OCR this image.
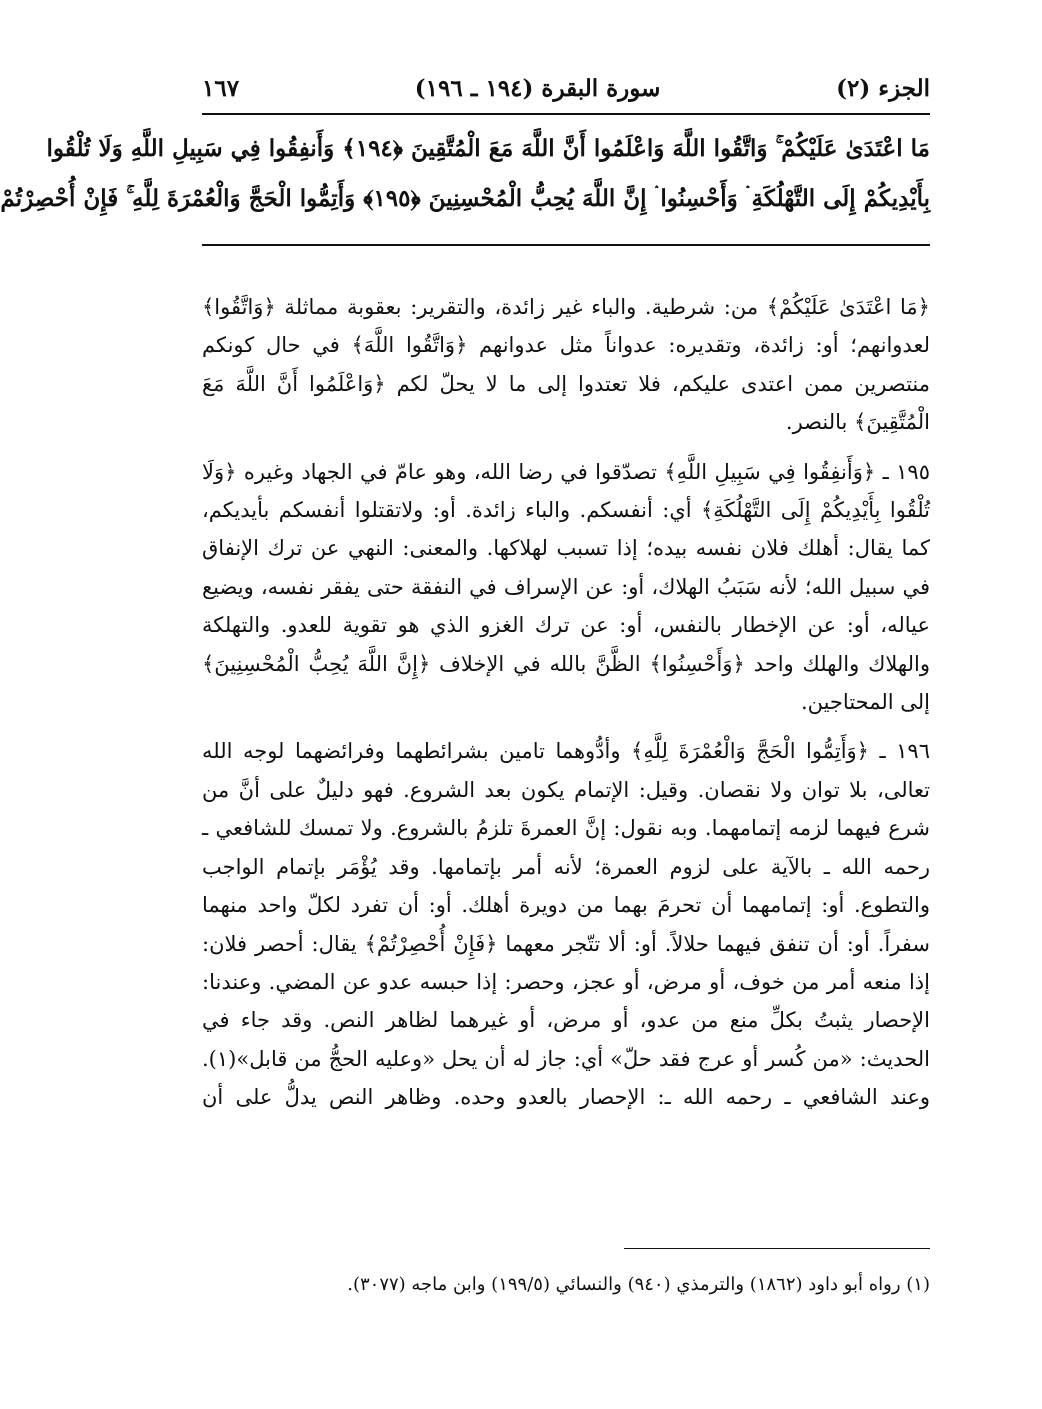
الجزء (٢)
سورة البقرة (١٩٤ ـ ١٩٦)
١٦٧

مَا اعْتَدَىٰ عَلَيْكُمْ ۚ وَاتَّقُوا اللَّهَ وَاعْلَمُوا أَنَّ اللَّهَ مَعَ الْمُتَّقِينَ ﴿١٩٤﴾ وَأَنفِقُوا فِي سَبِيلِ اللَّهِ وَلَا تُلْقُوا

بِأَيْدِيكُمْ إِلَى التَّهْلُكَةِ ۛ وَأَحْسِنُوا ۛ إِنَّ اللَّهَ يُحِبُّ الْمُحْسِنِينَ ﴿١٩٥﴾ وَأَتِمُّوا الْحَجَّ وَالْعُمْرَةَ لِلَّهِ ۚ فَإِنْ أُحْصِرْتُمْ

﴿مَا اعْتَدَىٰ عَلَيْكُمْ﴾ من: شرطية. والباء غير زائدة، والتقرير: بعقوبة مماثلة ﴿وَاتَّقُوا﴾ لعدوانهم؛ أو: زائدة، وتقديره: عدواناً مثل عدوانهم ﴿وَاتَّقُوا اللَّهَ﴾ في حال كونكم منتصرين ممن اعتدى عليكم، فلا تعتدوا إلى ما لا يحلّ لكم ﴿وَاعْلَمُوا أَنَّ اللَّهَ مَعَ الْمُتَّقِينَ﴾ بالنصر.

١٩٥ ـ ﴿وَأَنفِقُوا فِي سَبِيلِ اللَّهِ﴾ تصدّقوا في رضا الله، وهو عامّ في الجهاد وغيره ﴿وَلَا تُلْقُوا بِأَيْدِيكُمْ إِلَى التَّهْلُكَةِ﴾ أي: أنفسكم. والباء زائدة. أو: ولاتقتلوا أنفسكم بأيديكم، كما يقال: أهلك فلان نفسه بيده؛ إذا تسبب لهلاكها. والمعنى: النهي عن ترك الإنفاق في سبيل الله؛ لأنه سَبَبُ الهلاك، أو: عن الإسراف في النفقة حتى يفقر نفسه، ويضيع عياله، أو: عن الإخطار بالنفس، أو: عن ترك الغزو الذي هو تقوية للعدو. والتهلكة والهلاك والهلك واحد ﴿وَأَحْسِنُوا﴾ الظَّنَّ بالله في الإخلاف ﴿إِنَّ اللَّهَ يُحِبُّ الْمُحْسِنِينَ﴾ إلى المحتاجين.

١٩٦ ـ ﴿وَأَتِمُّوا الْحَجَّ وَالْعُمْرَةَ لِلَّهِ﴾ وأدُّوهما تامين بشرائطهما وفرائضهما لوجه الله تعالى، بلا توان ولا نقصان. وقيل: الإتمام يكون بعد الشروع. فهو دليلٌ على أنَّ من شرع فيهما لزمه إتمامهما. وبه نقول: إنَّ العمرةَ تلزمُ بالشروع. ولا تمسك للشافعي ـ رحمه الله ـ بالآية على لزوم العمرة؛ لأنه أمر بإتمامها. وقد يُؤْمَر بإتمام الواجب والتطوع. أو: إتمامهما أن تحرمَ بهما من دويرة أهلك. أو: أن تفرد لكلّ واحد منهما سفراً. أو: أن تنفق فيهما حلالاً. أو: ألا تتّجر معهما ﴿فَإِنْ أُحْصِرْتُمْ﴾ يقال: أحصر فلان: إذا منعه أمر من خوف، أو مرض، أو عجز، وحصر: إذا حبسه عدو عن المضي. وعندنا: الإحصار يثبتُ بكلِّ منع من عدو، أو مرض، أو غيرهما لظاهر النص. وقد جاء في الحديث: «من كُسر أو عرج فقد حلّ» أي: جاز له أن يحل «وعليه الحجُّ من قابل»(١). وعند الشافعي ـ رحمه الله ـ: الإحصار بالعدو وحده. وظاهر النص يدلُّ على أن

(١) رواه أبو داود (١٨٦٢) والترمذي (٩٤٠) والنسائي (١٩٩/٥) وابن ماجه (٣٠٧٧).
